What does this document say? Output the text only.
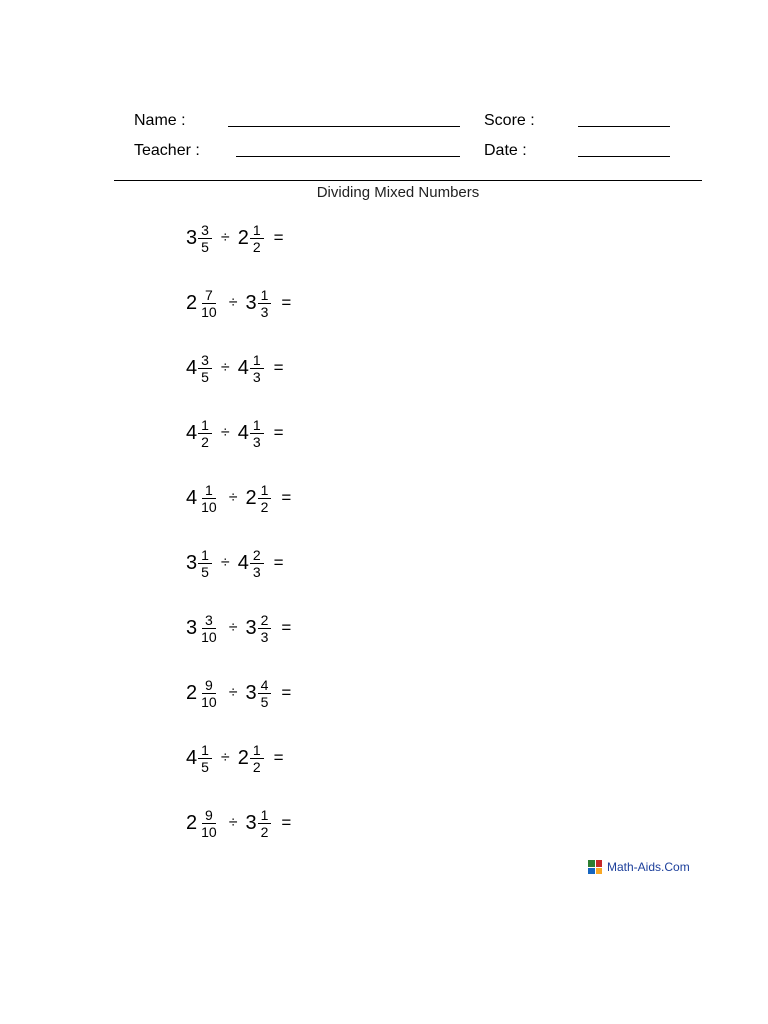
Name :	Score :
Teacher :	Date :
Dividing Mixed Numbers
$3 \frac{3}{5} \div 2 \frac{1}{2}$ =
$2 \frac{7}{10} \div 3 \frac{1}{3}$ =
$4 \frac{3}{5} \div 4 \frac{1}{3}$ =
$4 \frac{1}{2} \div 4 \frac{1}{3}$ =
$4 \frac{1}{10} \div 2 \frac{1}{2}$ =
$3 \frac{1}{5} \div 4 \frac{2}{3}$ =
$3 \frac{3}{10} \div 3 \frac{2}{3}$ =
$2 \frac{9}{10} \div 3 \frac{4}{5}$ =
$4 \frac{1}{5} \div 2 \frac{1}{2}$ =
$2 \frac{9}{10} \div 3 \frac{1}{2}$ =
Math-Aids.Com
